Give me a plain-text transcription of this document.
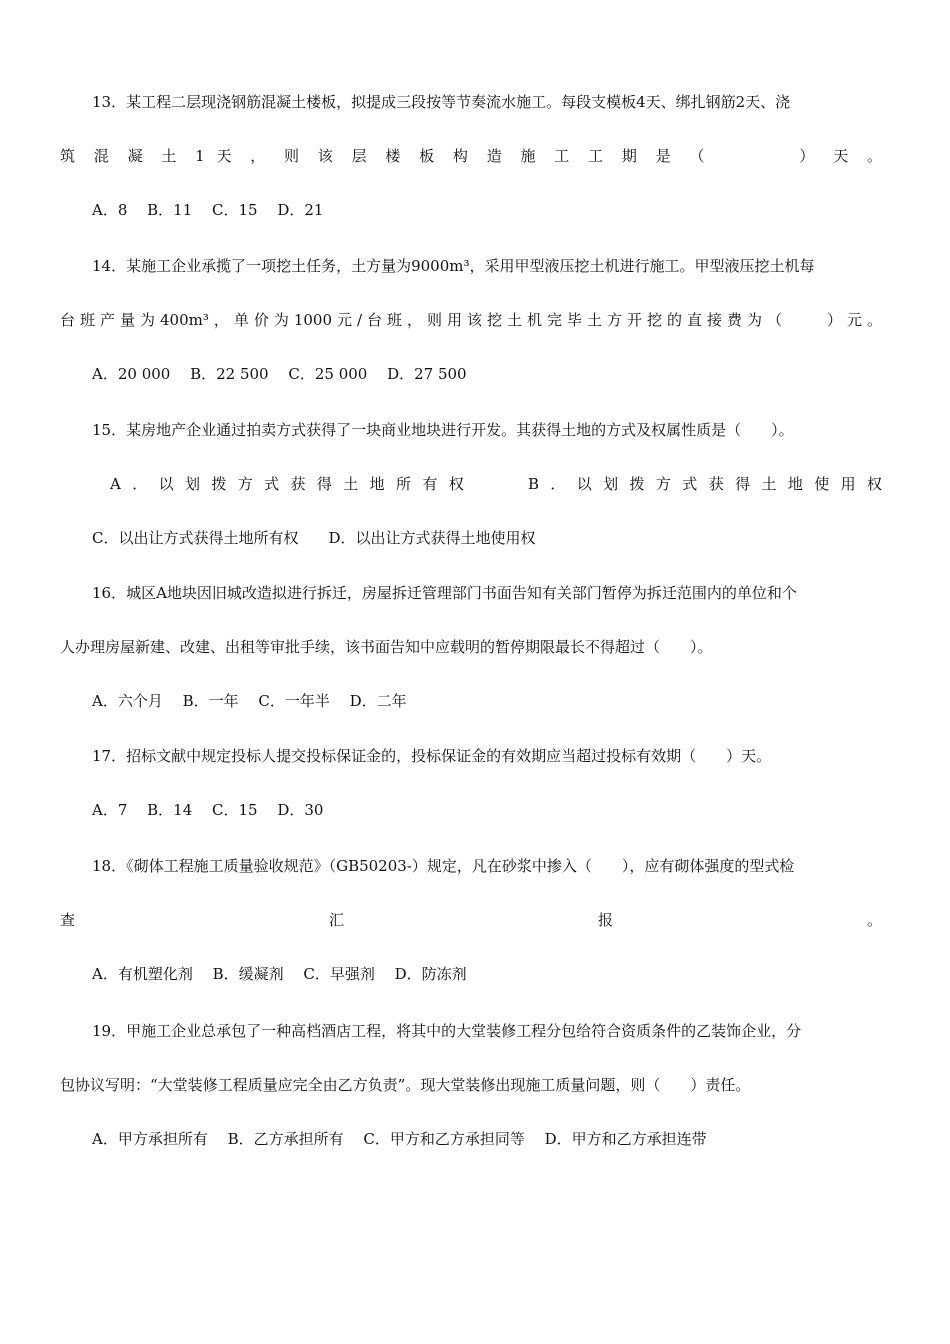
13．某工程二层现浇钢筋混凝土楼板，拟提成三段按等节奏流水施工。每段支模板4天、绑扎钢筋2天、浇
筑 混 凝 土 1 天 ， 则 该 层 楼 板 构 造 施 工 工 期 是 （　　　　） 天 。
A．8　 B．11　 C．15　 D．21
14．某施工企业承揽了一项挖土任务，土方量为9000m³，采用甲型液压挖土机进行施工。甲型液压挖土机每
台班产量为400m³，单价为1000元/台班，则用该挖土机完毕土方开挖的直接费为（　　）元。
A．20 000　 B．22 500　 C．25 000　 D．27 500
15．某房地产企业通过拍卖方式获得了一块商业地块进行开发。其获得土地的方式及权属性质是（　　）。
A．以划拨方式获得土地所有权　　B．以划拨方式获得土地使用权
C．以出让方式获得土地所有权　　D．以出让方式获得土地使用权
16．城区A地块因旧城改造拟进行拆迁，房屋拆迁管理部门书面告知有关部门暂停为拆迁范围内的单位和个
人办理房屋新建、改建、出租等审批手续，该书面告知中应载明的暂停期限最长不得超过（　　）。
A．六个月　 B．一年　 C．一年半　 D．二年
17．招标文献中规定投标人提交投标保证金的，投标保证金的有效期应当超过投标有效期（　　）天。
A．7　 B．14　 C．15　 D．30
18．《砌体工程施工质量验收规范》（GB50203-）规定，凡在砂浆中掺入（　　），应有砌体强度的型式检
查　　　　　　　　　　　　汇　　　　　　　　　　　　报　　　　　　　　　　　　。
A．有机塑化剂　 B．缓凝剂　 C．早强剂　 D．防冻剂
19．甲施工企业总承包了一种高档酒店工程，将其中的大堂装修工程分包给符合资质条件的乙装饰企业，分
包协议写明：“大堂装修工程质量应完全由乙方负责”。现大堂装修出现施工质量问题，则（　　）责任。
A．甲方承担所有　 B．乙方承担所有　 C．甲方和乙方承担同等　 D．甲方和乙方承担连带
